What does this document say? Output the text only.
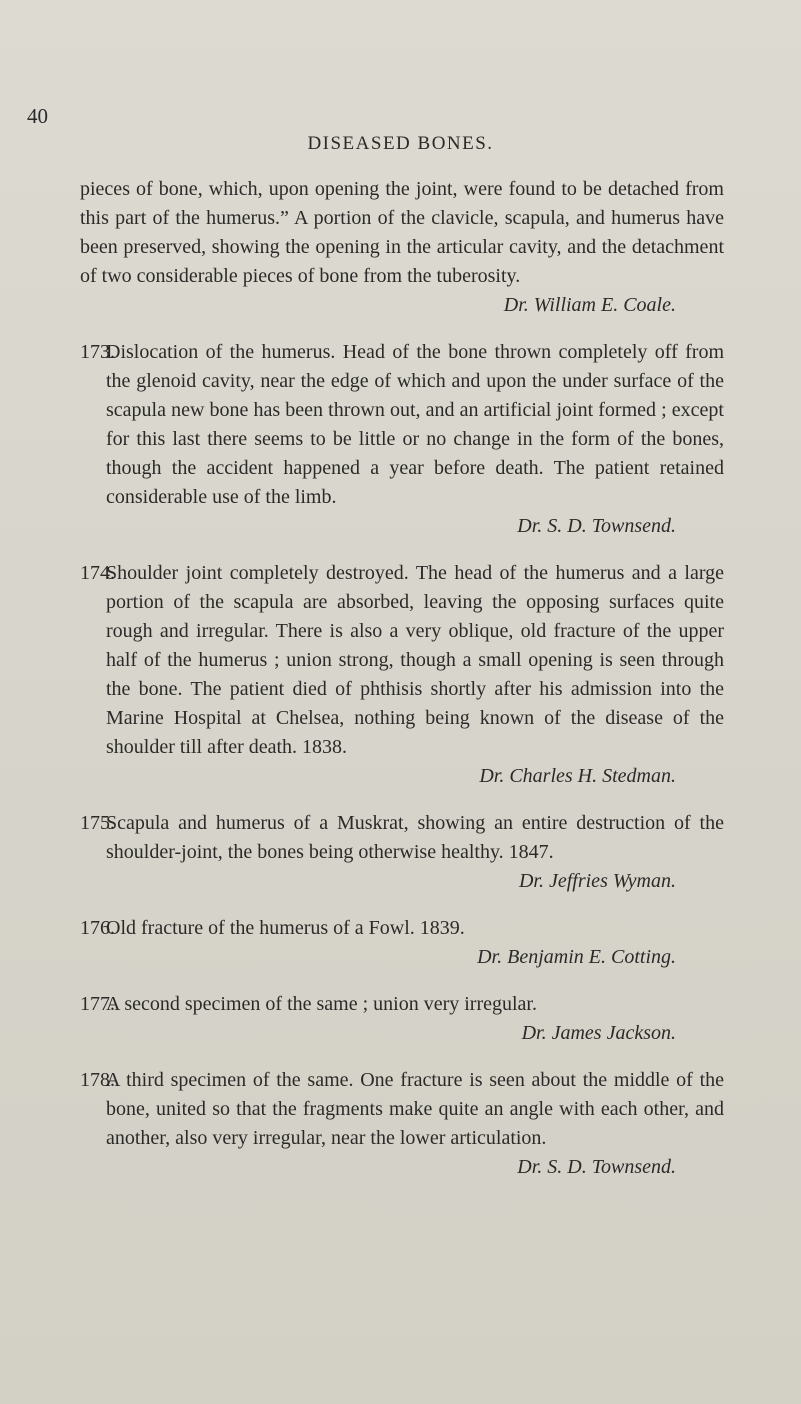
40
DISEASED BONES.

pieces of bone, which, upon opening the joint, were found to be detached from this part of the humerus.” A portion of the clavicle, scapula, and humerus have been preserved, showing the opening in the articular cavity, and the detachment of two considerable pieces of bone from the tuberosity.

Dr. William E. Coale.

173.Dislocation of the humerus. Head of the bone thrown completely off from the glenoid cavity, near the edge of which and upon the under surface of the scapula new bone has been thrown out, and an artificial joint formed ; except for this last there seems to be little or no change in the form of the bones, though the accident happened a year before death. The patient retained considerable use of the limb.

Dr. S. D. Townsend.

174.Shoulder joint completely destroyed. The head of the humerus and a large portion of the scapula are absorbed, leaving the opposing surfaces quite rough and irregular. There is also a very oblique, old fracture of the upper half of the humerus ; union strong, though a small opening is seen through the bone. The patient died of phthisis shortly after his admission into the Marine Hospital at Chelsea, nothing being known of the disease of the shoulder till after death. 1838.

Dr. Charles H. Stedman.

175.Scapula and humerus of a Muskrat, showing an entire destruction of the shoulder-joint, the bones being otherwise healthy. 1847.
Dr. Jeffries Wyman.
176.Old fracture of the humerus of a Fowl. 1839.

Dr. Benjamin E. Cotting.

177.A second specimen of the same ; union very irregular.

Dr. James Jackson.

178.A third specimen of the same. One fracture is seen about the middle of the bone, united so that the fragments make quite an angle with each other, and another, also very irregular, near the lower articulation.
Dr. S. D. Townsend.
